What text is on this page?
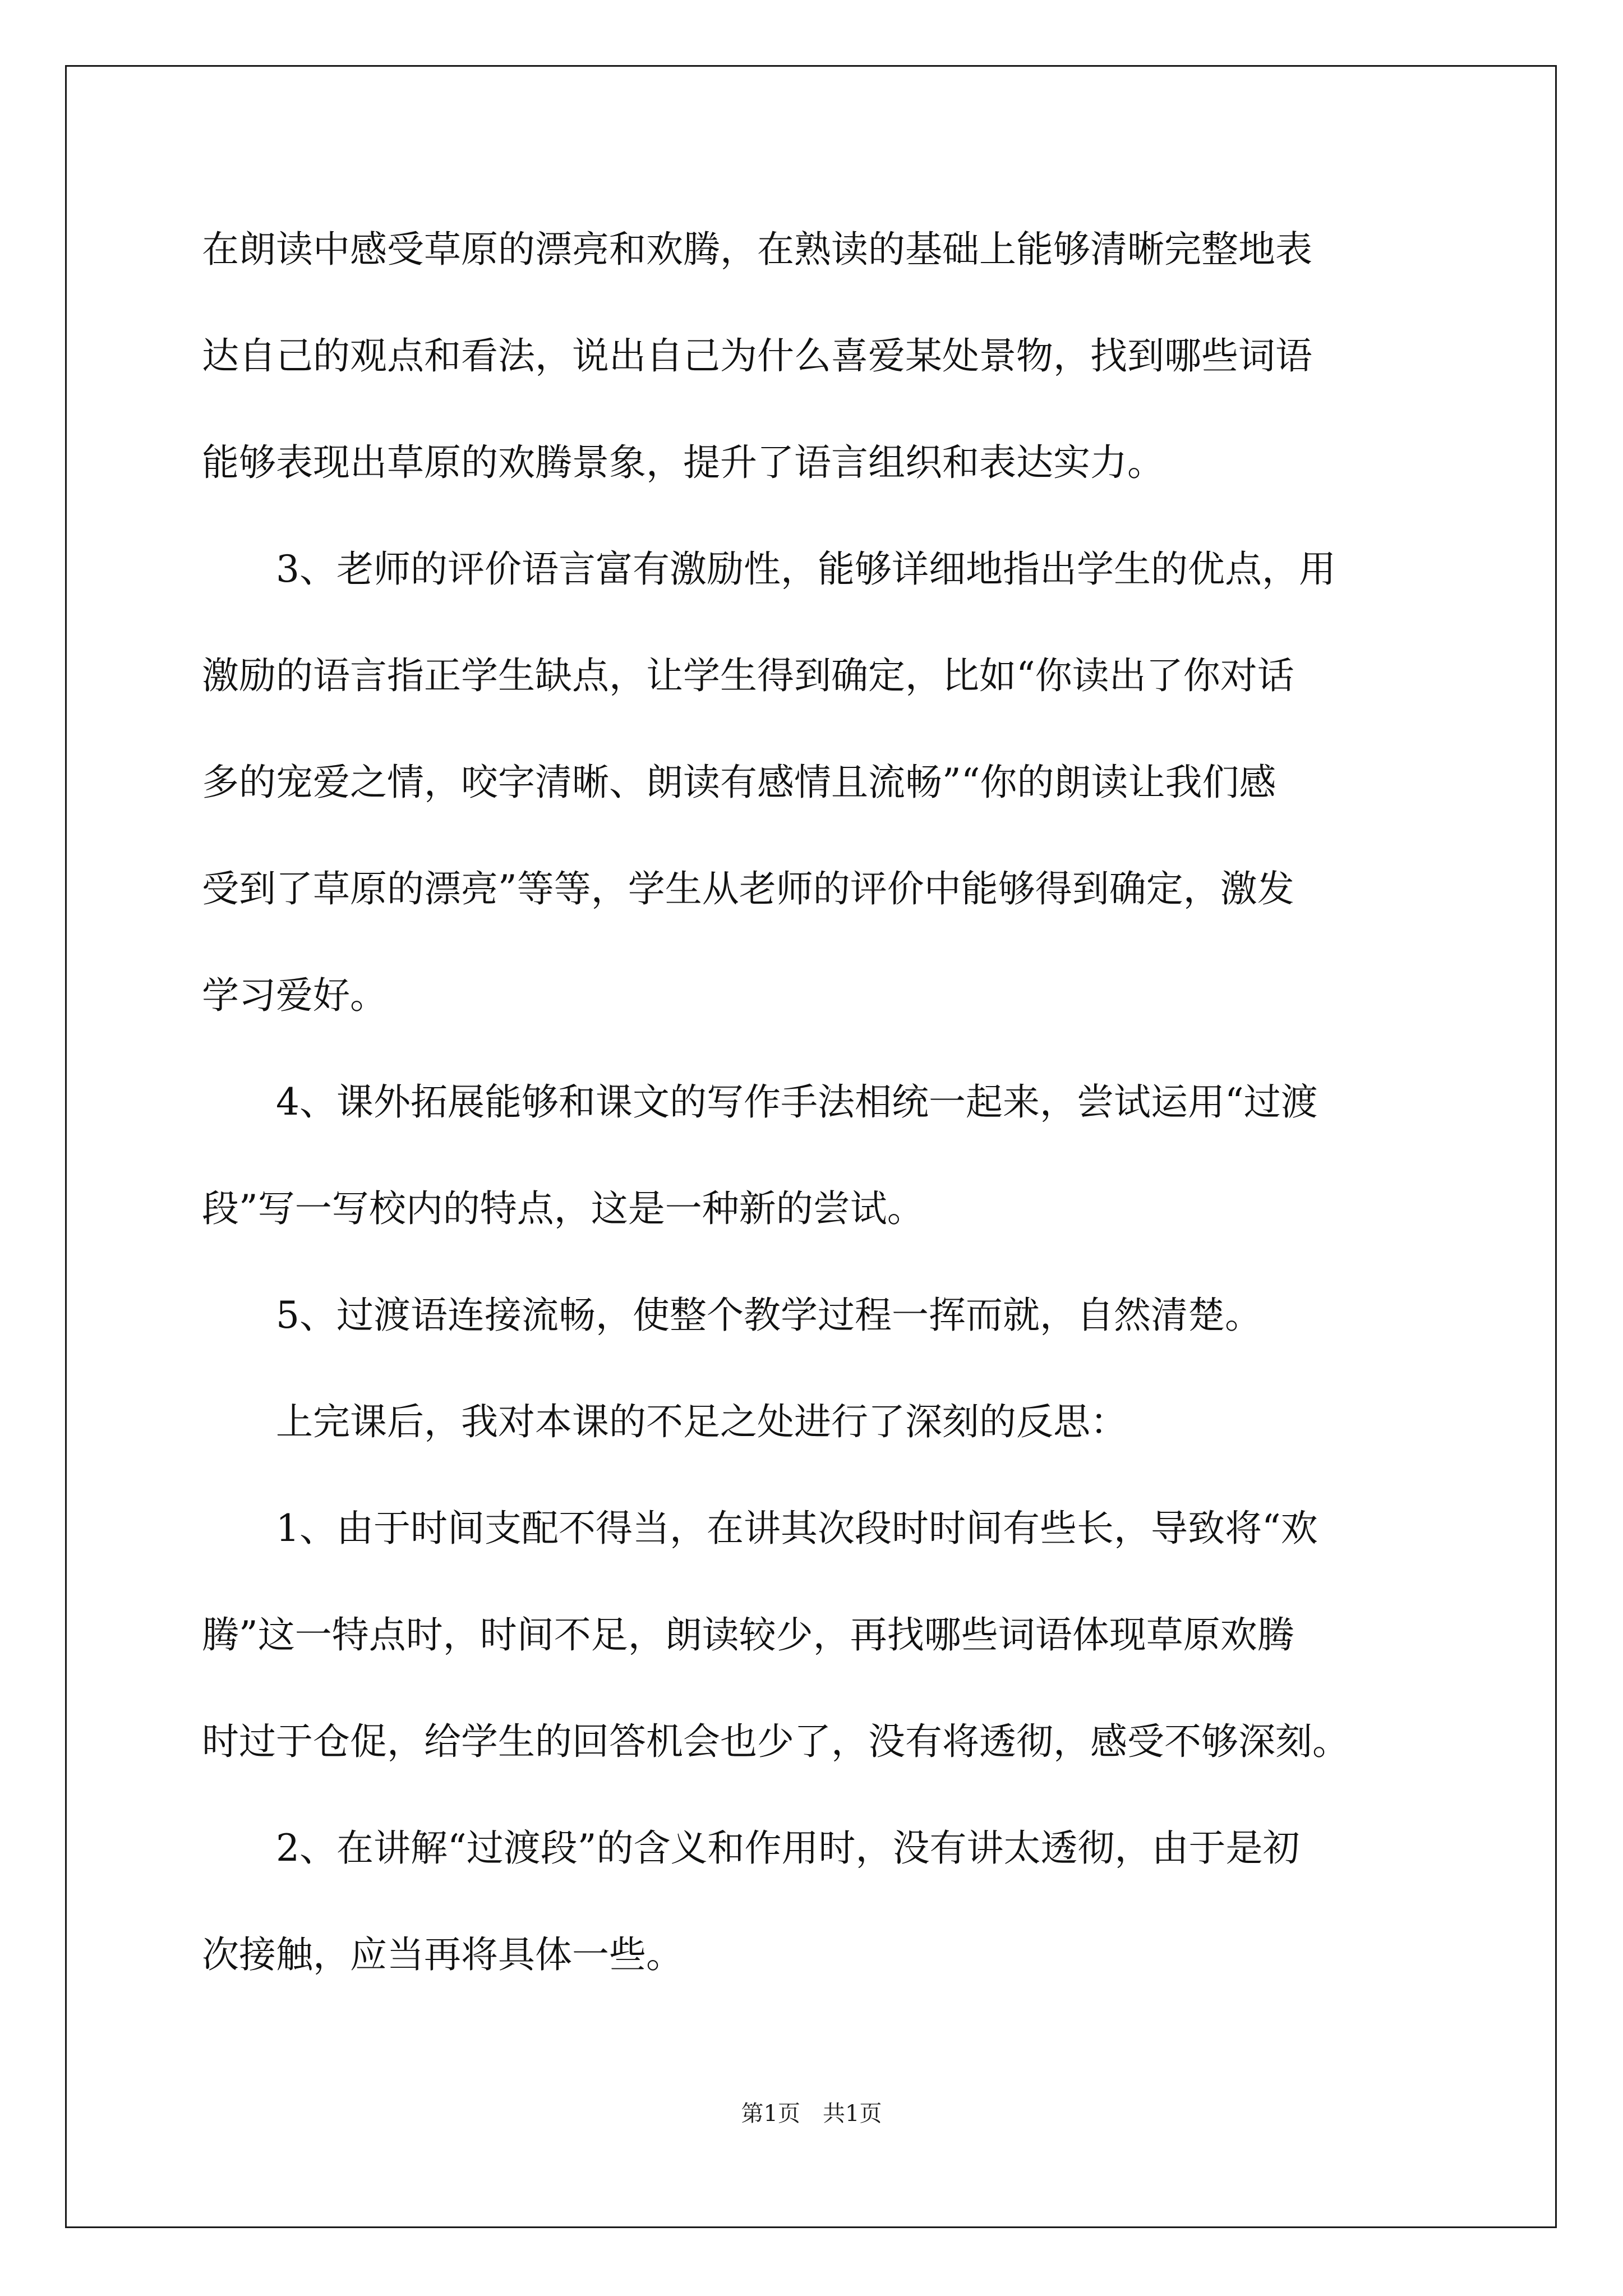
在朗读中感受草原的漂亮和欢腾，在熟读的基础上能够清晰完整地表

达自己的观点和看法，说出自己为什么喜爱某处景物，找到哪些词语

能够表现出草原的欢腾景象，提升了语言组织和表达实力。

　　3、老师的评价语言富有激励性，能够详细地指出学生的优点，用

激励的语言指正学生缺点，让学生得到确定，比如“你读出了你对话

多的宠爱之情，咬字清晰、朗读有感情且流畅”“你的朗读让我们感

受到了草原的漂亮”等等，学生从老师的评价中能够得到确定，激发

学习爱好。

　　4、课外拓展能够和课文的写作手法相统一起来，尝试运用“过渡

段”写一写校内的特点，这是一种新的尝试。

　　5、过渡语连接流畅，使整个教学过程一挥而就，自然清楚。

　　上完课后，我对本课的不足之处进行了深刻的反思：

　　1、由于时间支配不得当，在讲其次段时时间有些长，导致将“欢

腾”这一特点时，时间不足，朗读较少，再找哪些词语体现草原欢腾

时过于仓促，给学生的回答机会也少了，没有将透彻，感受不够深刻。

　　2、在讲解“过渡段”的含义和作用时，没有讲太透彻，由于是初

次接触，应当再将具体一些。

第1页　共1页
